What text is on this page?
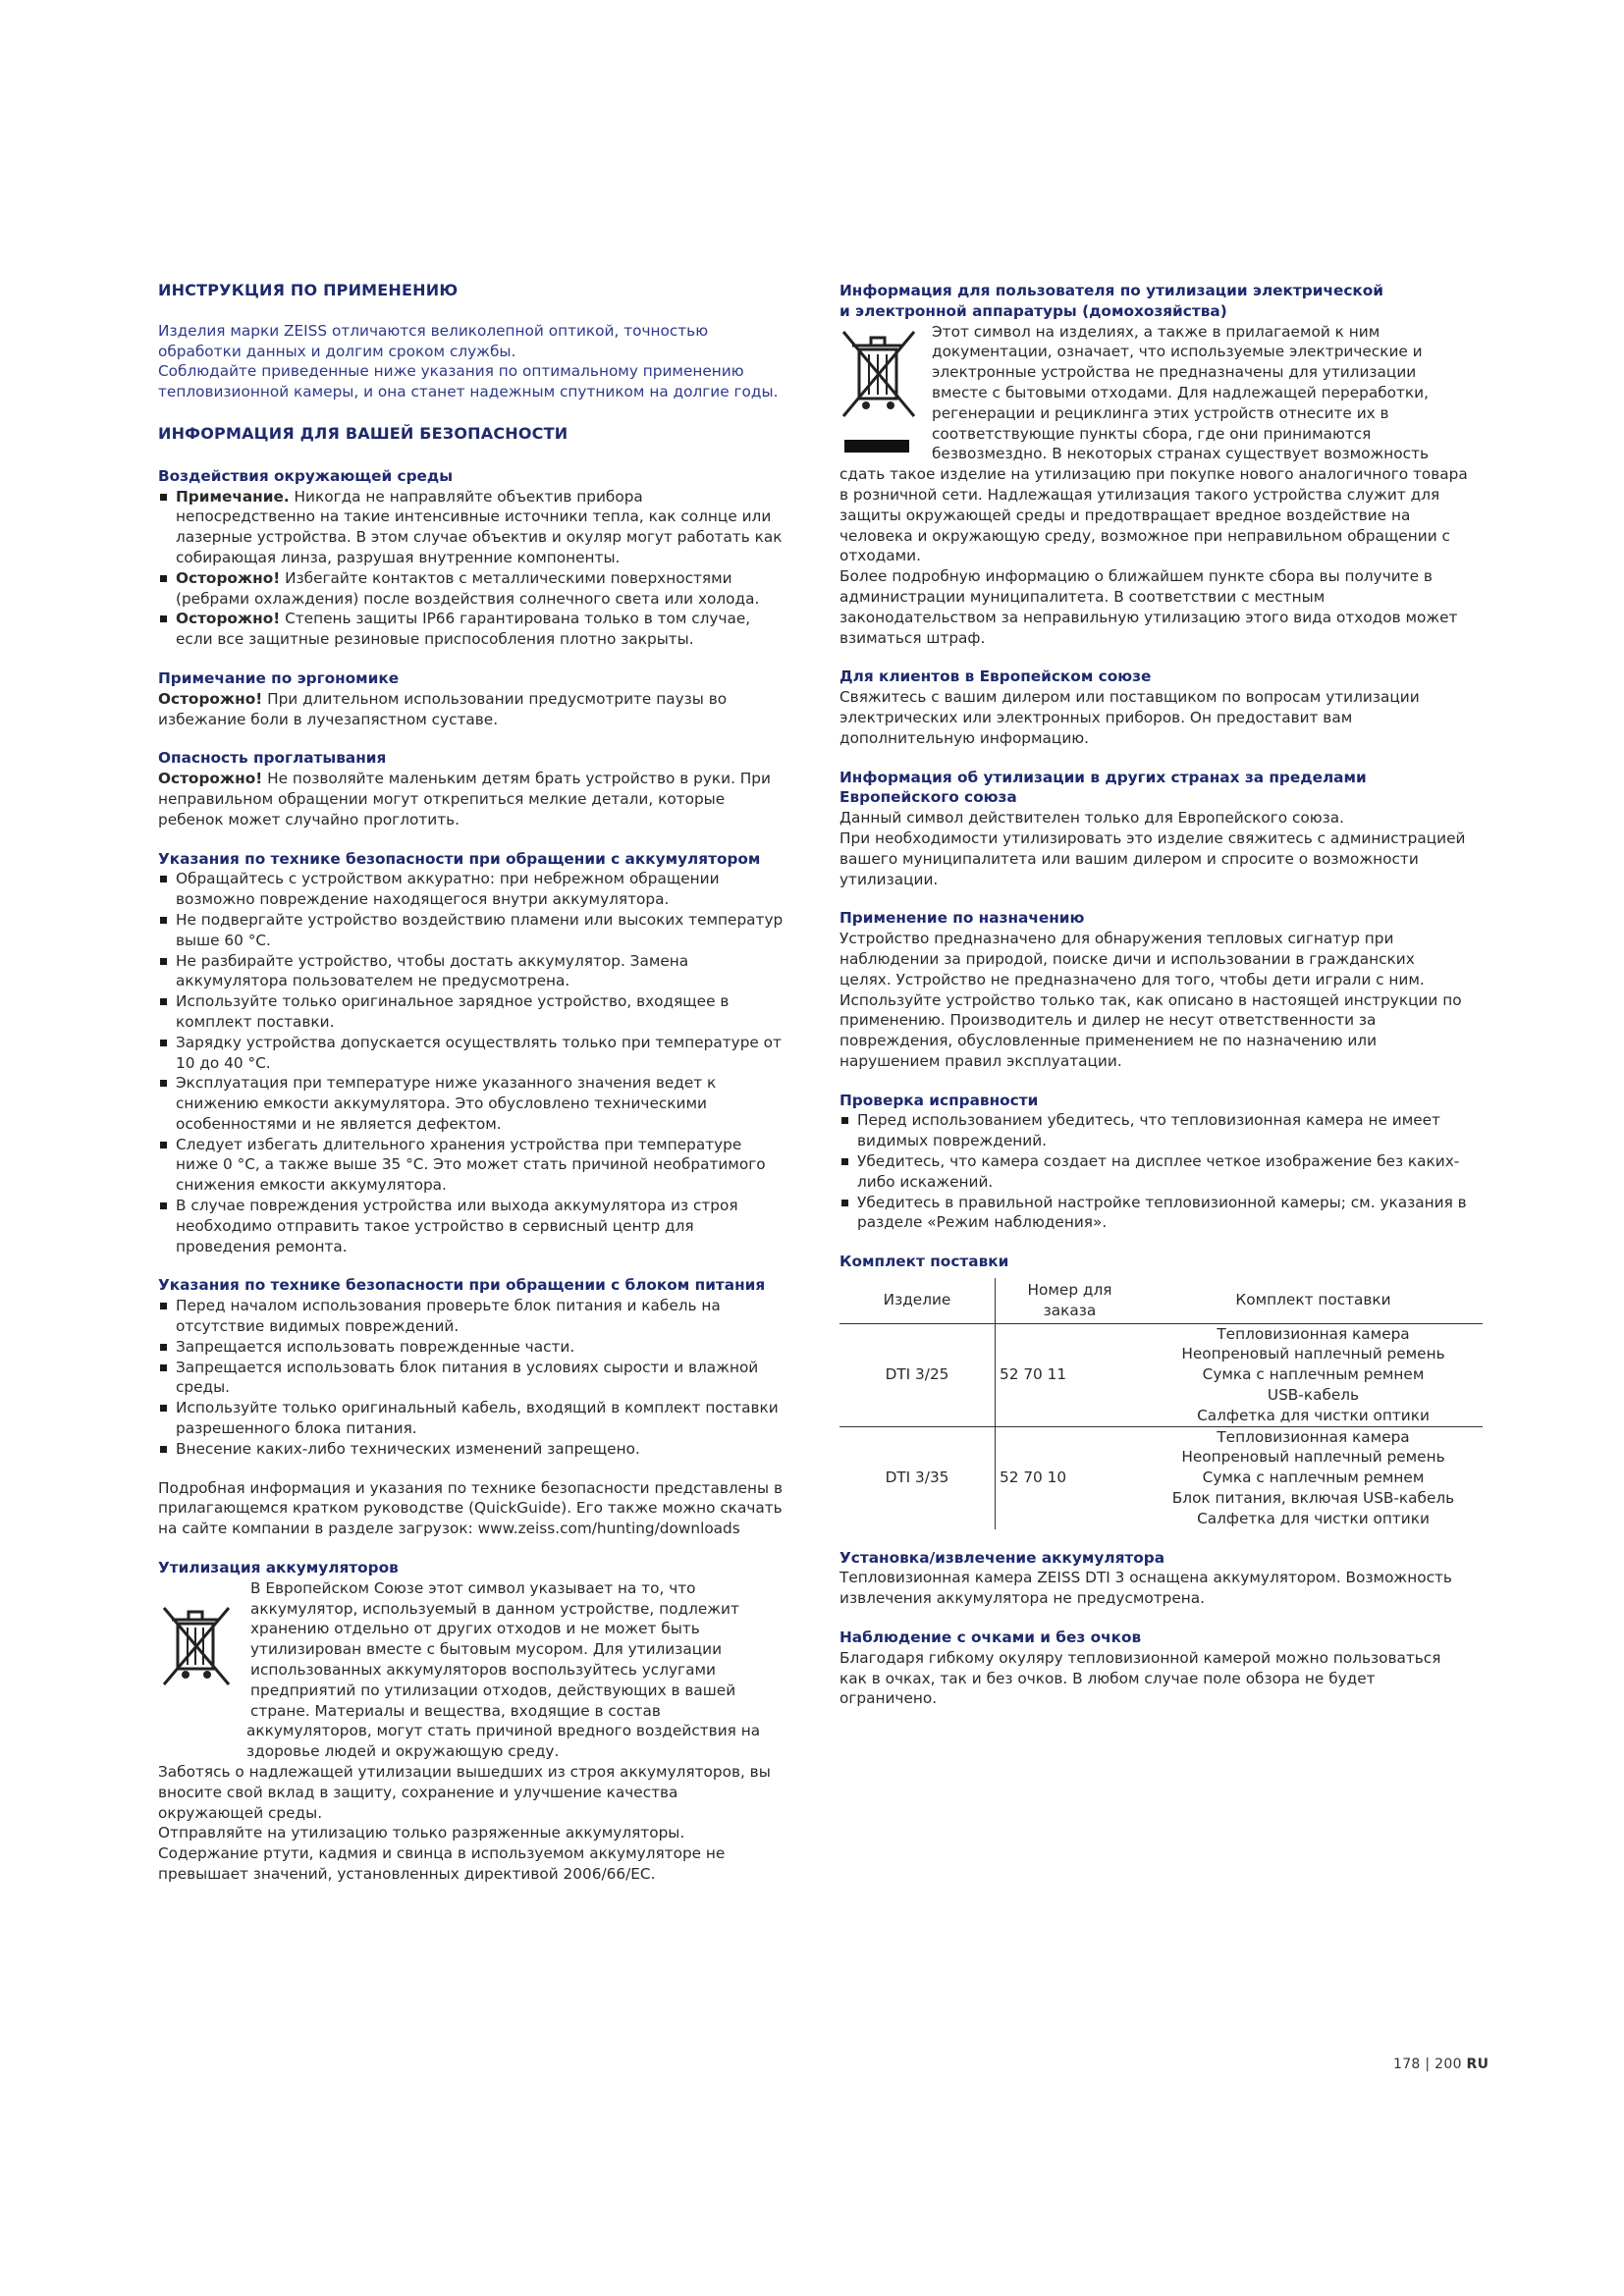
ИНСТРУКЦИЯ ПО ПРИМЕНЕНИЮ

Изделия марки ZEISS отличаются великолепной оптикой, точностью обработки данных и долгим сроком службы.

Соблюдайте приведенные ниже указания по оптимальному применению тепловизионной камеры, и она станет надежным спутником на долгие годы.

ИНФОРМАЦИЯ ДЛЯ ВАШЕЙ БЕЗОПАСНОСТИ
Воздействия окружающей среды
Примечание. Никогда не направляйте объектив прибора непосредственно на такие интенсивные источники тепла, как солнце или лазерные устройства. В этом случае объектив и окуляр могут работать как собирающая линза, разрушая внутренние компоненты.
Осторожно! Избегайте контактов с металлическими поверхностями (ребрами охлаждения) после воздействия солнечного света или холода.
Осторожно! Степень защиты IP66 гарантирована только в том случае, если все защитные резиновые приспособления плотно закрыты.
Примечание по эргономике

Осторожно! При длительном использовании предусмотрите паузы во избежание боли в лучезапястном суставе.

Опасность проглатывания

Осторожно! Не позволяйте маленьким детям брать устройство в руки. При неправильном обращении могут открепиться мелкие детали, которые ребенок может случайно проглотить.

Указания по технике безопасности при обращении с аккумулятором
Обращайтесь с устройством аккуратно: при небрежном обращении возможно повреждение находящегося внутри аккумулятора.
Не подвергайте устройство воздействию пламени или высоких температур выше 60 °C.
Не разбирайте устройство, чтобы достать аккумулятор. Замена аккумулятора пользователем не предусмотрена.
Используйте только оригинальное зарядное устройство, входящее в комплект поставки.
Зарядку устройства допускается осуществлять только при температуре от 10 до 40 °C.
Эксплуатация при температуре ниже указанного значения ведет к снижению емкости аккумулятора. Это обусловлено техническими особенностями и не является дефектом.
Следует избегать длительного хранения устройства при температуре ниже 0 °C, а также выше 35 °C. Это может стать причиной необратимого снижения емкости аккумулятора.
В случае повреждения устройства или выхода аккумулятора из строя необходимо отправить такое устройство в сервисный центр для проведения ремонта.
Указания по технике безопасности при обращении с блоком питания
Перед началом использования проверьте блок питания и кабель на отсутствие видимых повреждений.
Запрещается использовать поврежденные части.
Запрещается использовать блок питания в условиях сырости и влажной среды.
Используйте только оригинальный кабель, входящий в комплект поставки разрешенного блока питания.
Внесение каких-либо технических изменений запрещено.

Подробная информация и указания по технике безопасности представлены в прилагающемся кратком руководстве (QuickGuide). Его также можно скачать на сайте компании в разделе загрузок: www.zeiss.com/hunting/downloads

Утилизация аккумуляторов

В Европейском Союзе этот символ указывает на то, что аккумулятор, используемый в данном устройстве, подлежит хранению отдельно от других отходов и не может быть утилизирован вместе с бытовым мусором. Для утилизации использованных аккумуляторов воспользуйтесь услугами предприятий по утилизации отходов, действующих в вашей стране. Материалы и вещества, входящие в состав аккумуляторов, могут стать причиной вредного воздействия на здоровье людей и окружающую среду.

Заботясь о надлежащей утилизации вышедших из строя аккумуляторов, вы вносите свой вклад в защиту, сохранение и улучшение качества окружающей среды.

Отправляйте на утилизацию только разряженные аккумуляторы.

Содержание ртути, кадмия и свинца в используемом аккумуляторе не превышает значений, установленных директивой 2006/66/EC.

Информация для пользователя по утилизации электрической и электронной аппаратуры (домохозяйства)

Этот символ на изделиях, а также в прилагаемой к ним документации, означает, что используемые электрические и электронные устройства не предназначены для утилизации вместе с бытовыми отходами. Для надлежащей переработки, регенерации и рециклинга этих устройств отнесите их в соответствующие пункты сбора, где они принимаются безвозмездно. В некоторых странах существует возможность сдать такое изделие на утилизацию при покупке нового аналогичного товара в розничной сети. Надлежащая утилизация такого устройства служит для защиты окружающей среды и предотвращает вредное воздействие на человека и окружающую среду, возможное при неправильном обращении с отходами.

Более подробную информацию о ближайшем пункте сбора вы получите в администрации муниципалитета. В соответствии с местным законодательством за неправильную утилизацию этого вида отходов может взиматься штраф.

Для клиентов в Европейском союзе

Свяжитесь с вашим дилером или поставщиком по вопросам утилизации электрических или электронных приборов. Он предоставит вам дополнительную информацию.

Информация об утилизации в других странах за пределами Европейского союза

Данный символ действителен только для Европейского союза.

При необходимости утилизировать это изделие свяжитесь с администрацией вашего муниципалитета или вашим дилером и спросите о возможности утилизации.

Применение по назначению

Устройство предназначено для обнаружения тепловых сигнатур при наблюдении за природой, поиске дичи и использовании в гражданских целях. Устройство не предназначено для того, чтобы дети играли с ним. Используйте устройство только так, как описано в настоящей инструкции по применению. Производитель и дилер не несут ответственности за повреждения, обусловленные применением не по назначению или нарушением правил эксплуатации.

Проверка исправности
Перед использованием убедитесь, что тепловизионная камера не имеет видимых повреждений.
Убедитесь, что камера создает на дисплее четкое изображение без каких-либо искажений.
Убедитесь в правильной настройке тепловизионной камеры; см. указания в разделе «Режим наблюдения».
Комплект поставки
Изделие	Номер для заказа	Комплект поставки
DTI 3/25	52 70 11	Тепловизионная камера
Неопреновый наплечный ремень
Сумка с наплечным ремнем
USB-кабель
Салфетка для чистки оптики

DTI 3/35	52 70 10	Тепловизионная камера
Неопреновый наплечный ремень
Сумка с наплечным ремнем
Блок питания, включая USB-кабель
Салфетка для чистки оптики
Установка/извлечение аккумулятора

Тепловизионная камера ZEISS DTI 3 оснащена аккумулятором. Возможность извлечения аккумулятора не предусмотрена.

Наблюдение с очками и без очков

Благодаря гибкому окуляру тепловизионной камерой можно пользоваться как в очках, так и без очков. В любом случае поле обзора не будет ограничено.

178 | 200 RU
